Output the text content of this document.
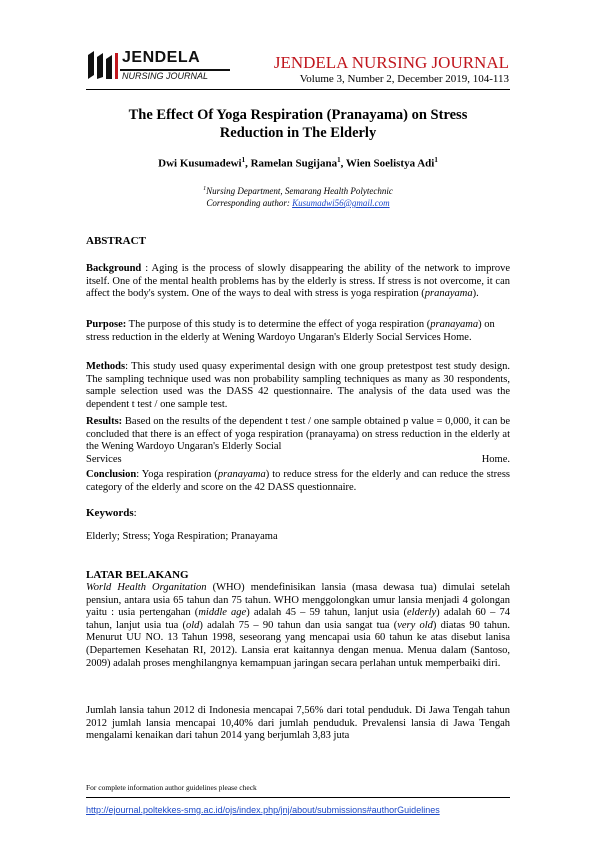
JENDELA
NURSING JOURNAL
JENDELA NURSING JOURNAL
Volume 3, Number 2, December 2019, 104-113
The Effect Of Yoga Respiration (Pranayama) on Stress
Reduction in The Elderly
Dwi Kusumadewi$^1$, Ramelan Sugijana$^1$, Wien Soelistya Adi$^1$
$^1$Nursing Department, Semarang Health Polytechnic
Corresponding author: Kusumadwi56@gmail.com
ABSTRACT
Background : Aging is the process of slowly disappearing the ability of the network to improve itself. One of the mental health problems has by the elderly is stress. If stress is not overcome, it can affect the body's system. One of the ways to deal with stress is yoga respiration (pranayama).
Purpose: The purpose of this study is to determine the effect of yoga respiration (pranayama) on stress reduction in the elderly at Wening Wardoyo Ungaran's Elderly Social Services Home.
Methods: This study used quasy experimental design with one group pretestpost test study design. The sampling technique used was non probability sampling techniques as many as 30 respondents, sample selection used was the DASS 42 questionnaire. The analysis of the data used was the dependent t test / one sample test.
Results: Based on the results of the dependent t test / one sample obtained p value = 0,000, it can be concluded that there is an effect of yoga respiration (pranayama) on stress reduction in the elderly at the Wening Wardoyo Ungaran's Elderly Social
Services	Home.
Conclusion: Yoga respiration (pranayama) to reduce stress for the elderly and can reduce the stress category of the elderly and score on the 42 DASS questionnaire.
Keywords:
Elderly; Stress; Yoga Respiration; Pranayama
LATAR BELAKANG
World Health Organitation (WHO) mendefinisikan lansia (masa dewasa tua) dimulai setelah pensiun, antara usia 65 tahun dan 75 tahun. WHO menggolongkan umur lansia menjadi 4 golongan yaitu : usia pertengahan (middle age) adalah 45 – 59 tahun, lanjut usia (elderly) adalah 60 – 74 tahun, lanjut usia tua (old) adalah 75 – 90 tahun dan usia sangat tua (very old) diatas 90 tahun. Menurut UU NO. 13 Tahun 1998, seseorang yang mencapai usia 60 tahun ke atas disebut lanisa (Departemen Kesehatan RI, 2012). Lansia erat kaitannya dengan menua. Menua dalam (Santoso, 2009) adalah proses menghilangnya kemampuan jaringan secara perlahan untuk memperbaiki diri.
Jumlah lansia tahun 2012 di Indonesia mencapai 7,56% dari total penduduk. Di Jawa Tengah tahun 2012 jumlah lansia mencapai 10,40% dari jumlah penduduk. Prevalensi lansia di Jawa Tengah mengalami kenaikan dari tahun 2014 yang berjumlah 3,83 juta
For complete information author guidelines please check
http://ejournal.poltekkes-smg.ac.id/ojs/index.php/jnj/about/submissions#authorGuidelines
